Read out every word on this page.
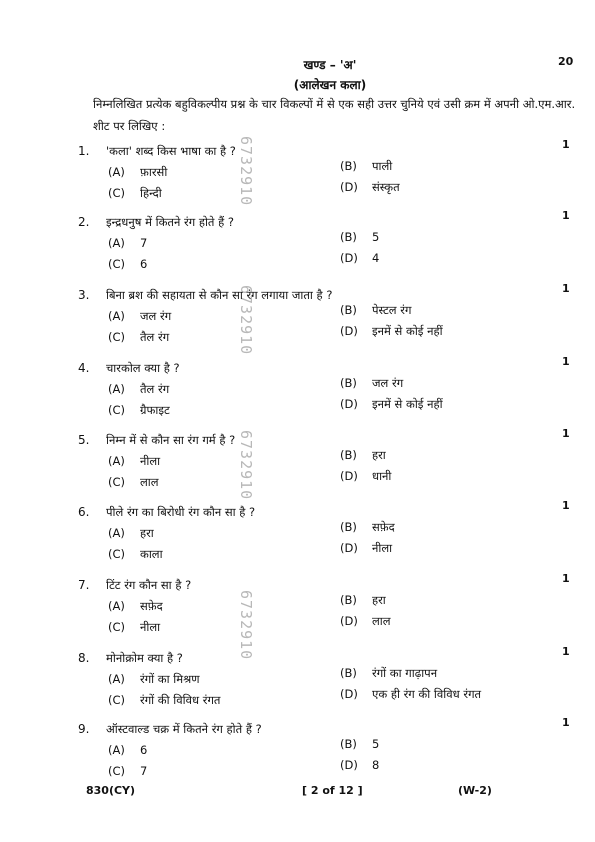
खण्ड – 'अ'
(आलेखन कला)
20
निम्नलिखित प्रत्येक बहुविकल्पीय प्रश्न के चार विकल्पों में से एक सही उत्तर चुनिये एवं उसी क्रम में अपनी ओ.एम.आर. शीट पर लिखिए :
6732910
6732910
6732910
6732910
1.	'कला' शब्द किस भाषा का है ?	1
(A)	फ़ारसी	(B)	पाली
(C)	हिन्दी	(D)	संस्कृत
2.	इन्द्रधनुष में कितने रंग होते हैं ?	1
(A)	7	(B)	5
(C)	6	(D)	4
3.	बिना ब्रश की सहायता से कौन सा रंग लगाया जाता है ?	1
(A)	जल रंग	(B)	पेस्टल रंग
(C)	तैल रंग	(D)	इनमें से कोई नहीं
4.	चारकोल क्या है ?	1
(A)	तैल रंग	(B)	जल रंग
(C)	ग्रैफाइट	(D)	इनमें से कोई नहीं
5.	निम्न में से कौन सा रंग गर्म है ?	1
(A)	नीला	(B)	हरा
(C)	लाल	(D)	धानी
6.	पीले रंग का बिरोधी रंग कौन सा है ?	1
(A)	हरा	(B)	सफ़ेद
(C)	काला	(D)	नीला
7.	टिंट रंग कौन सा है ?	1
(A)	सफ़ेद	(B)	हरा
(C)	नीला	(D)	लाल
8.	मोनोक्रोम क्या है ?	1
(A)	रंगों का मिश्रण	(B)	रंगों का गाढ़ापन
(C)	रंगों की विविध रंगत	(D)	एक ही रंग की विविध रंगत
9.	ऑस्टवाल्ड चक्र में कितने रंग होते हैं ?	1
(A)	6	(B)	5
(C)	7	(D)	8
830(CY)	[ 2 of 12 ]	(W-2)
